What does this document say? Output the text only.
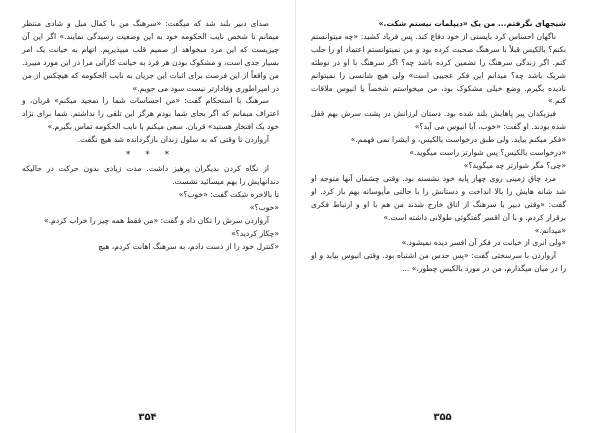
صدای دبیر بلند شد که میگفت: «سرهنگ من با کمال میل و شادی منتظر میمانم تا شخص نایب الحکومه خود به این وضعیت رسیدگی نمایند.» اگر این آن چیزیست که این مرد میخواهد از صمیم قلب میپذیریم. اتهام به خیانت یک امر بسیار جدی است، و مشکوک بودن هر فرد به خیانت کارآئی مرا در این مورد میبرد. من واقعاً از این فرصت برای اثبات این جریان به نایب الحکومه که هیچکس از من در امپراطوری وفادارتر نیست سود می جویم.»

سرهنگ با استحکام گفت: «من احساسات شما را تمجید میکنم» قربان، و اعتراف میمانم که اگر بجای شما بودم هرگز این تلقی را نداشتم. شما برای نژاد خود یک افتخار هستید» قربان. سعی میکنم با نایب الحکومه تماس بگیرم.»

آروارذن تا وقتی که به سلول زندان بازگردانده شد هیچ نگفت.

* * *

از نگاه کردن بدیگران پرهیز داشت. مدت زیادی بدون حرکت در حالیکه دندانهایش را بهم میسائید نشست.

تا بالاخره شکت گفت: «خوب؟»

«خوب؟»

آروارذن سرش را تکان داد و گفت: «من فقط همه چیز را خراب کردم.»

«چکار کردید؟»

«کنترل خود را از دست دادم، به سرهنگ اهانت کردم، هیچ

۳۵۴

شیجهای نگرفتم... من یک «دیپلمات نیستم شکت.»

ناگهان احساس کرد بایستی از خود دفاع کند. پس فریاد کشید: «چه میتوانستم بکنم؟ بالکیس قبلاً با سرهنگ صحبت کرده بود و من نمیتوانستم اعتماد او را جلب کنم. اگر زندگی سرهنگ را تضمین کرده باشد چه؟ اگر سرهنگ با او در توطئه شریک باشد چه؟ میدانم این فکر عجیبی است» ولی هیچ شانسی را نمیتوانم نادیده بگیرم. وضع خیلی مشکوک بود، من میخواستم شخصاً با انیوس ملاقات کنم.»

فیزیکدان پیر پاهایش بلند شده بود. دستان لرزانش در پشت سرش بهم قفل شده بودند. او گفت: «خوب، آیا انیوس می آید؟»

«فکر میکنم بیاید. ولی طبق درخواست بالکیس، و ایشرا نمی فهمم.»

«درخواست بالکیس؟ پس شوارتز راست میگوید.»

«چی؟ مگر شوارتز چه میگوید؟»

مرد چاق زمینی روی چهار پایه خود نشسته بود. وقتی چشمان آنها متوجه او شد شانه هایش را بالا انداخت و دستانش را با حالتی مأیوسانه بهم باز کرد. او گفت: «وقتی دبیر با سرهنگ از اتاق خارج شدند من هم با او و ارتباط فکری برقرار کردم. و با آن اقسر گفتگوئی طولانی داشته است.»

«میدانم.»

«ولی انری از خیانت در فکر آن افسر دیده نمیشود.»

آروارذن با سرسختی گفت: «پس حدس من اشتباه بود. وقتی انیوس بیاید و او را در میان میگذارم، من در مورد بالکیس چطور.» ...

۳۵۵
